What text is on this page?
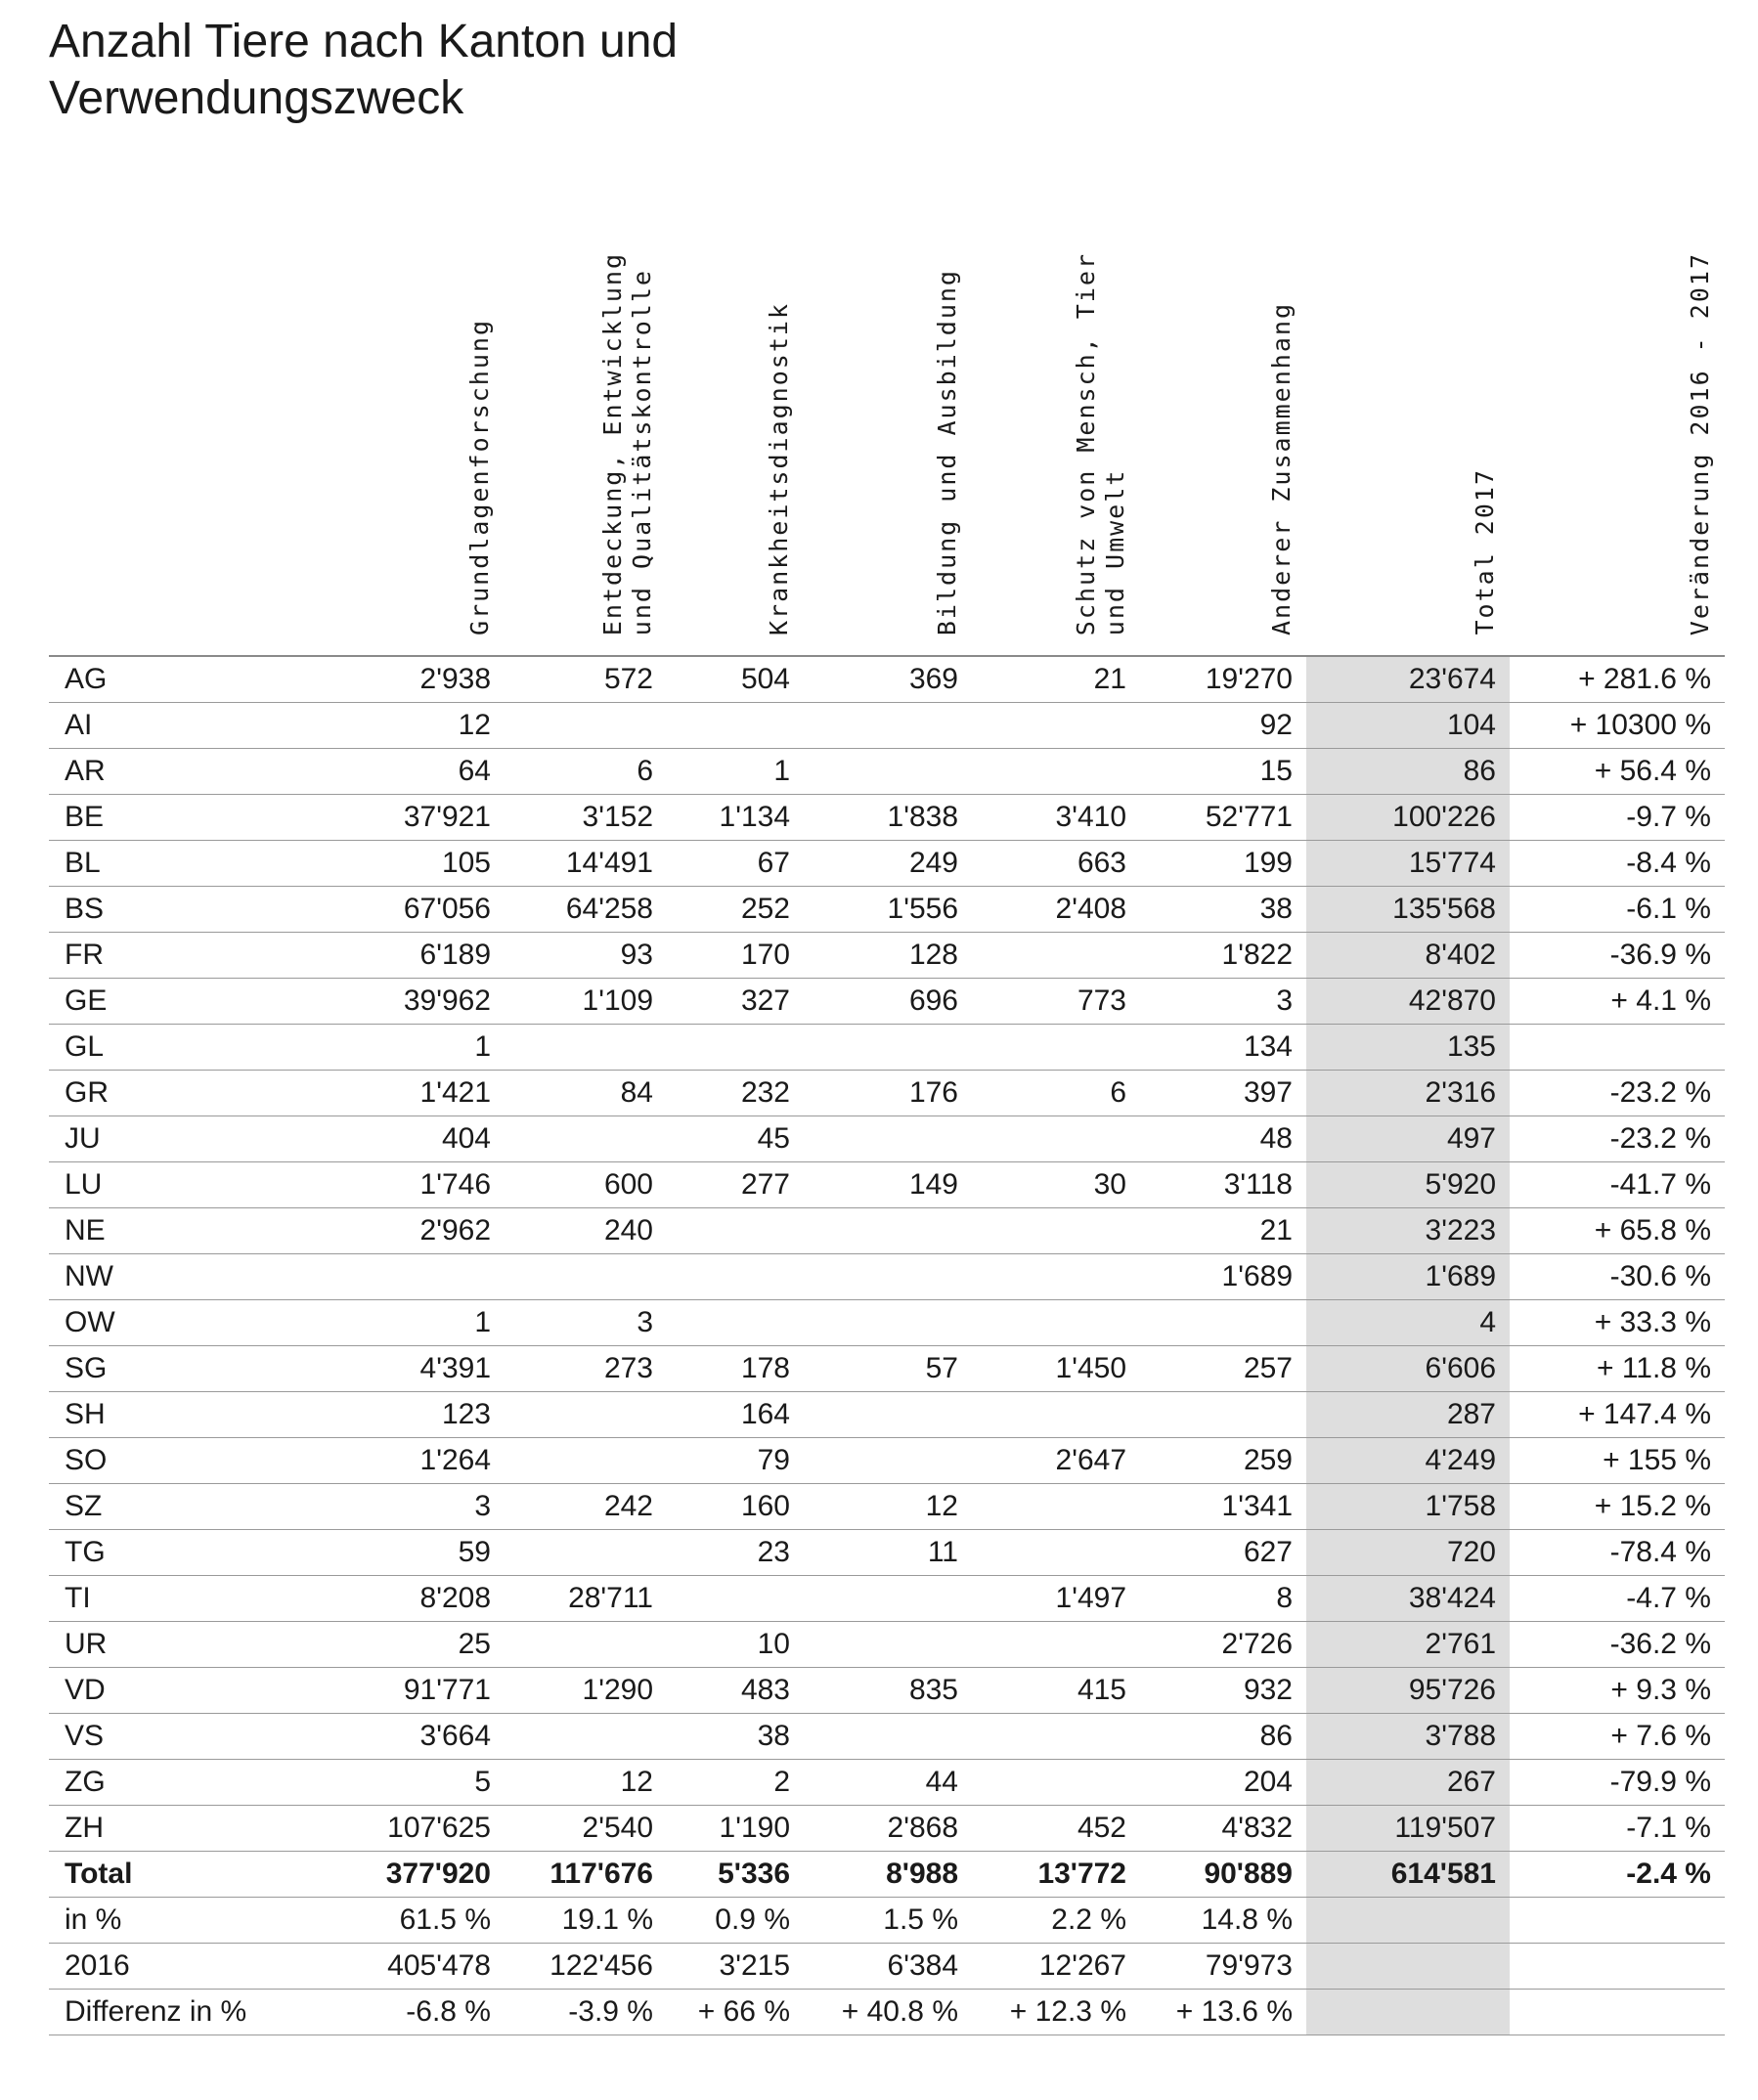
Anzahl Tiere nach Kanton und
Verwendungszweck

	Grundlagenforschung	Entdeckung, Entwicklung
und Qualitätskontrolle	Krankheitsdiagnostik	Bildung und Ausbildung	Schutz von Mensch, Tier
und Umwelt	Anderer Zusammenhang	Total 2017	Veränderung 2016 - 2017

AG	2'938	572	504	369	21	19'270	23'674	+ 281.6 %
AI	12					92	104	+ 10300 %
AR	64	6	1			15	86	+ 56.4 %
BE	37'921	3'152	1'134	1'838	3'410	52'771	100'226	-9.7 %
BL	105	14'491	67	249	663	199	15'774	-8.4 %
BS	67'056	64'258	252	1'556	2'408	38	135'568	-6.1 %
FR	6'189	93	170	128		1'822	8'402	-36.9 %
GE	39'962	1'109	327	696	773	3	42'870	+ 4.1 %
GL	1					134	135	
GR	1'421	84	232	176	6	397	2'316	-23.2 %
JU	404		45			48	497	-23.2 %
LU	1'746	600	277	149	30	3'118	5'920	-41.7 %
NE	2'962	240				21	3'223	+ 65.8 %
NW						1'689	1'689	-30.6 %
OW	1	3					4	+ 33.3 %
SG	4'391	273	178	57	1'450	257	6'606	+ 11.8 %
SH	123		164				287	+ 147.4 %
SO	1'264		79		2'647	259	4'249	+ 155 %
SZ	3	242	160	12		1'341	1'758	+ 15.2 %
TG	59		23	11		627	720	-78.4 %
TI	8'208	28'711			1'497	8	38'424	-4.7 %
UR	25		10			2'726	2'761	-36.2 %
VD	91'771	1'290	483	835	415	932	95'726	+ 9.3 %
VS	3'664		38			86	3'788	+ 7.6 %
ZG	5	12	2	44		204	267	-79.9 %
ZH	107'625	2'540	1'190	2'868	452	4'832	119'507	-7.1 %
Total	377'920	117'676	5'336	8'988	13'772	90'889	614'581	-2.4 %
in %	61.5 %	19.1 %	0.9 %	1.5 %	2.2 %	14.8 %		
2016	405'478	122'456	3'215	6'384	12'267	79'973		
Differenz in %	-6.8 %	-3.9 %	+ 66 %	+ 40.8 %	+ 12.3 %	+ 13.6 %		
